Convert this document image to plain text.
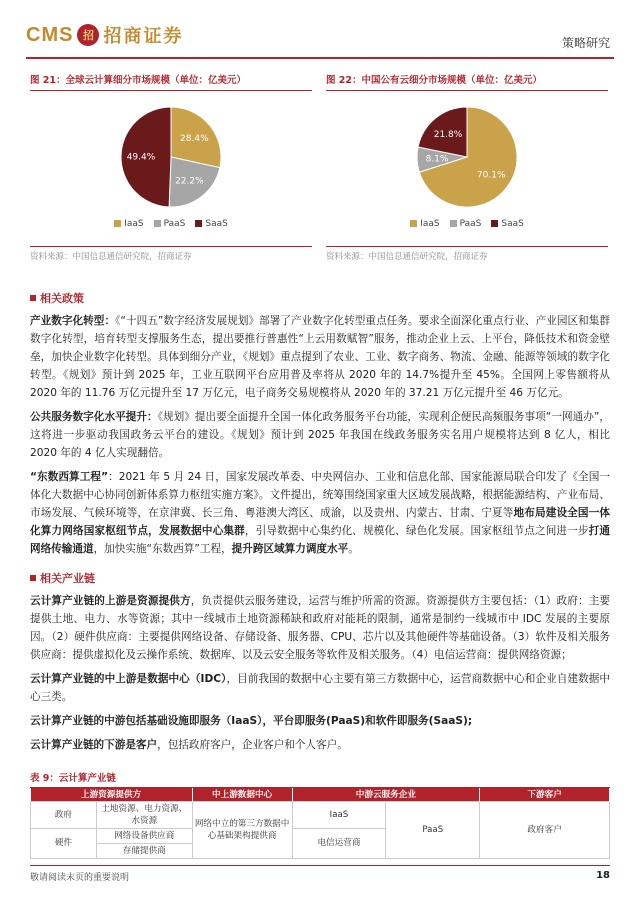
CMS 招 招商证券	策略研究
图 21：全球云计算细分市场规模（单位：亿美元）
28.4%
22.2%
49.4%
IaaS	PaaS	SaaS
资料来源：中国信息通信研究院，招商证券
图 22：中国公有云细分市场规模（单位：亿美元）
70.1%
8.1%
21.8%
IaaS	PaaS	SaaS
资料来源：中国信息通信研究院，招商证券
相关政策

产业数字化转型：《“十四五”数字经济发展规划》部署了产业数字化转型重点任务。要求全面深化重点行业、产业园区和集群数字化转型，培育转型支撑服务生态，提出要推行普惠性“上云用数赋智”服务，推动企业上云、上平台，降低技术和资金壁垒，加快企业数字化转型。具体到细分产业，《规划》重点提到了农业、工业、数字商务、物流、金融、能源等领域的数字化转型。《规划》预计到 2025 年，工业互联网平台应用普及率将从 2020 年的 14.7%提升至 45%。全国网上零售额将从 2020 年的 11.76 万亿元提升至 17 万亿元，电子商务交易规模将从 2020 年的 37.21 万亿元提升至 46 万亿元。

公共服务数字化水平提升：《规划》提出要全面提升全国一体化政务服务平台功能，实现利企便民高频服务事项“一网通办”，这将进一步驱动我国政务云平台的建设。《规划》预计到 2025 年我国在线政务服务实名用户规模将达到 8 亿人，相比 2020 年的 4 亿人实现翻倍。

“东数西算工程”：2021 年 5 月 24 日，国家发展改革委、中央网信办、工业和信息化部、国家能源局联合印发了《全国一体化大数据中心协同创新体系算力枢纽实施方案》。文件提出，统筹围绕国家重大区域发展战略，根据能源结构、产业布局、市场发展、气候环境等，在京津冀、长三角、粤港澳大湾区、成渝，以及贵州、内蒙古、甘肃、宁夏等地布局建设全国一体化算力网络国家枢纽节点，发展数据中心集群，引导数据中心集约化、规模化、绿色化发展。国家枢纽节点之间进一步打通网络传输通道，加快实施“东数西算”工程，提升跨区域算力调度水平。

相关产业链

云计算产业链的上游是资源提供方，负责提供云服务建设，运营与维护所需的资源。资源提供方主要包括：（1）政府：主要提供土地、电力、水等资源；其中一线城市土地资源稀缺和政府对能耗的限制，通常是制约一线城市中 IDC 发展的主要原因。（2）硬件供应商：主要提供网络设备、存储设备、服务器、CPU、芯片以及其他硬件等基础设备。（3）软件及相关服务供应商：提供虚拟化及云操作系统、数据库、以及云安全服务等软件及相关服务。（4）电信运营商：提供网络资源；

云计算产业链的中上游是数据中心（IDC），目前我国的数据中心主要有第三方数据中心，运营商数据中心和企业自建数据中心三类。

云计算产业链的中游包括基础设施即服务（IaaS），平台即服务(PaaS)和软件即服务(SaaS);

云计算产业链的下游是客户，包括政府客户，企业客户和个人客户。

表 9：云计算产业链
上游资源提供方		中上游数据中心	中游云服务企业		下游客户
政府	土地资源、电力资源、水资源	网络中立的第三方数据中心基础架构提供商	IaaS	PaaS	政府客户
硬件	网络设备供应商		电信运营商		
	存储提供商				
敬请阅读末页的重要说明	18
